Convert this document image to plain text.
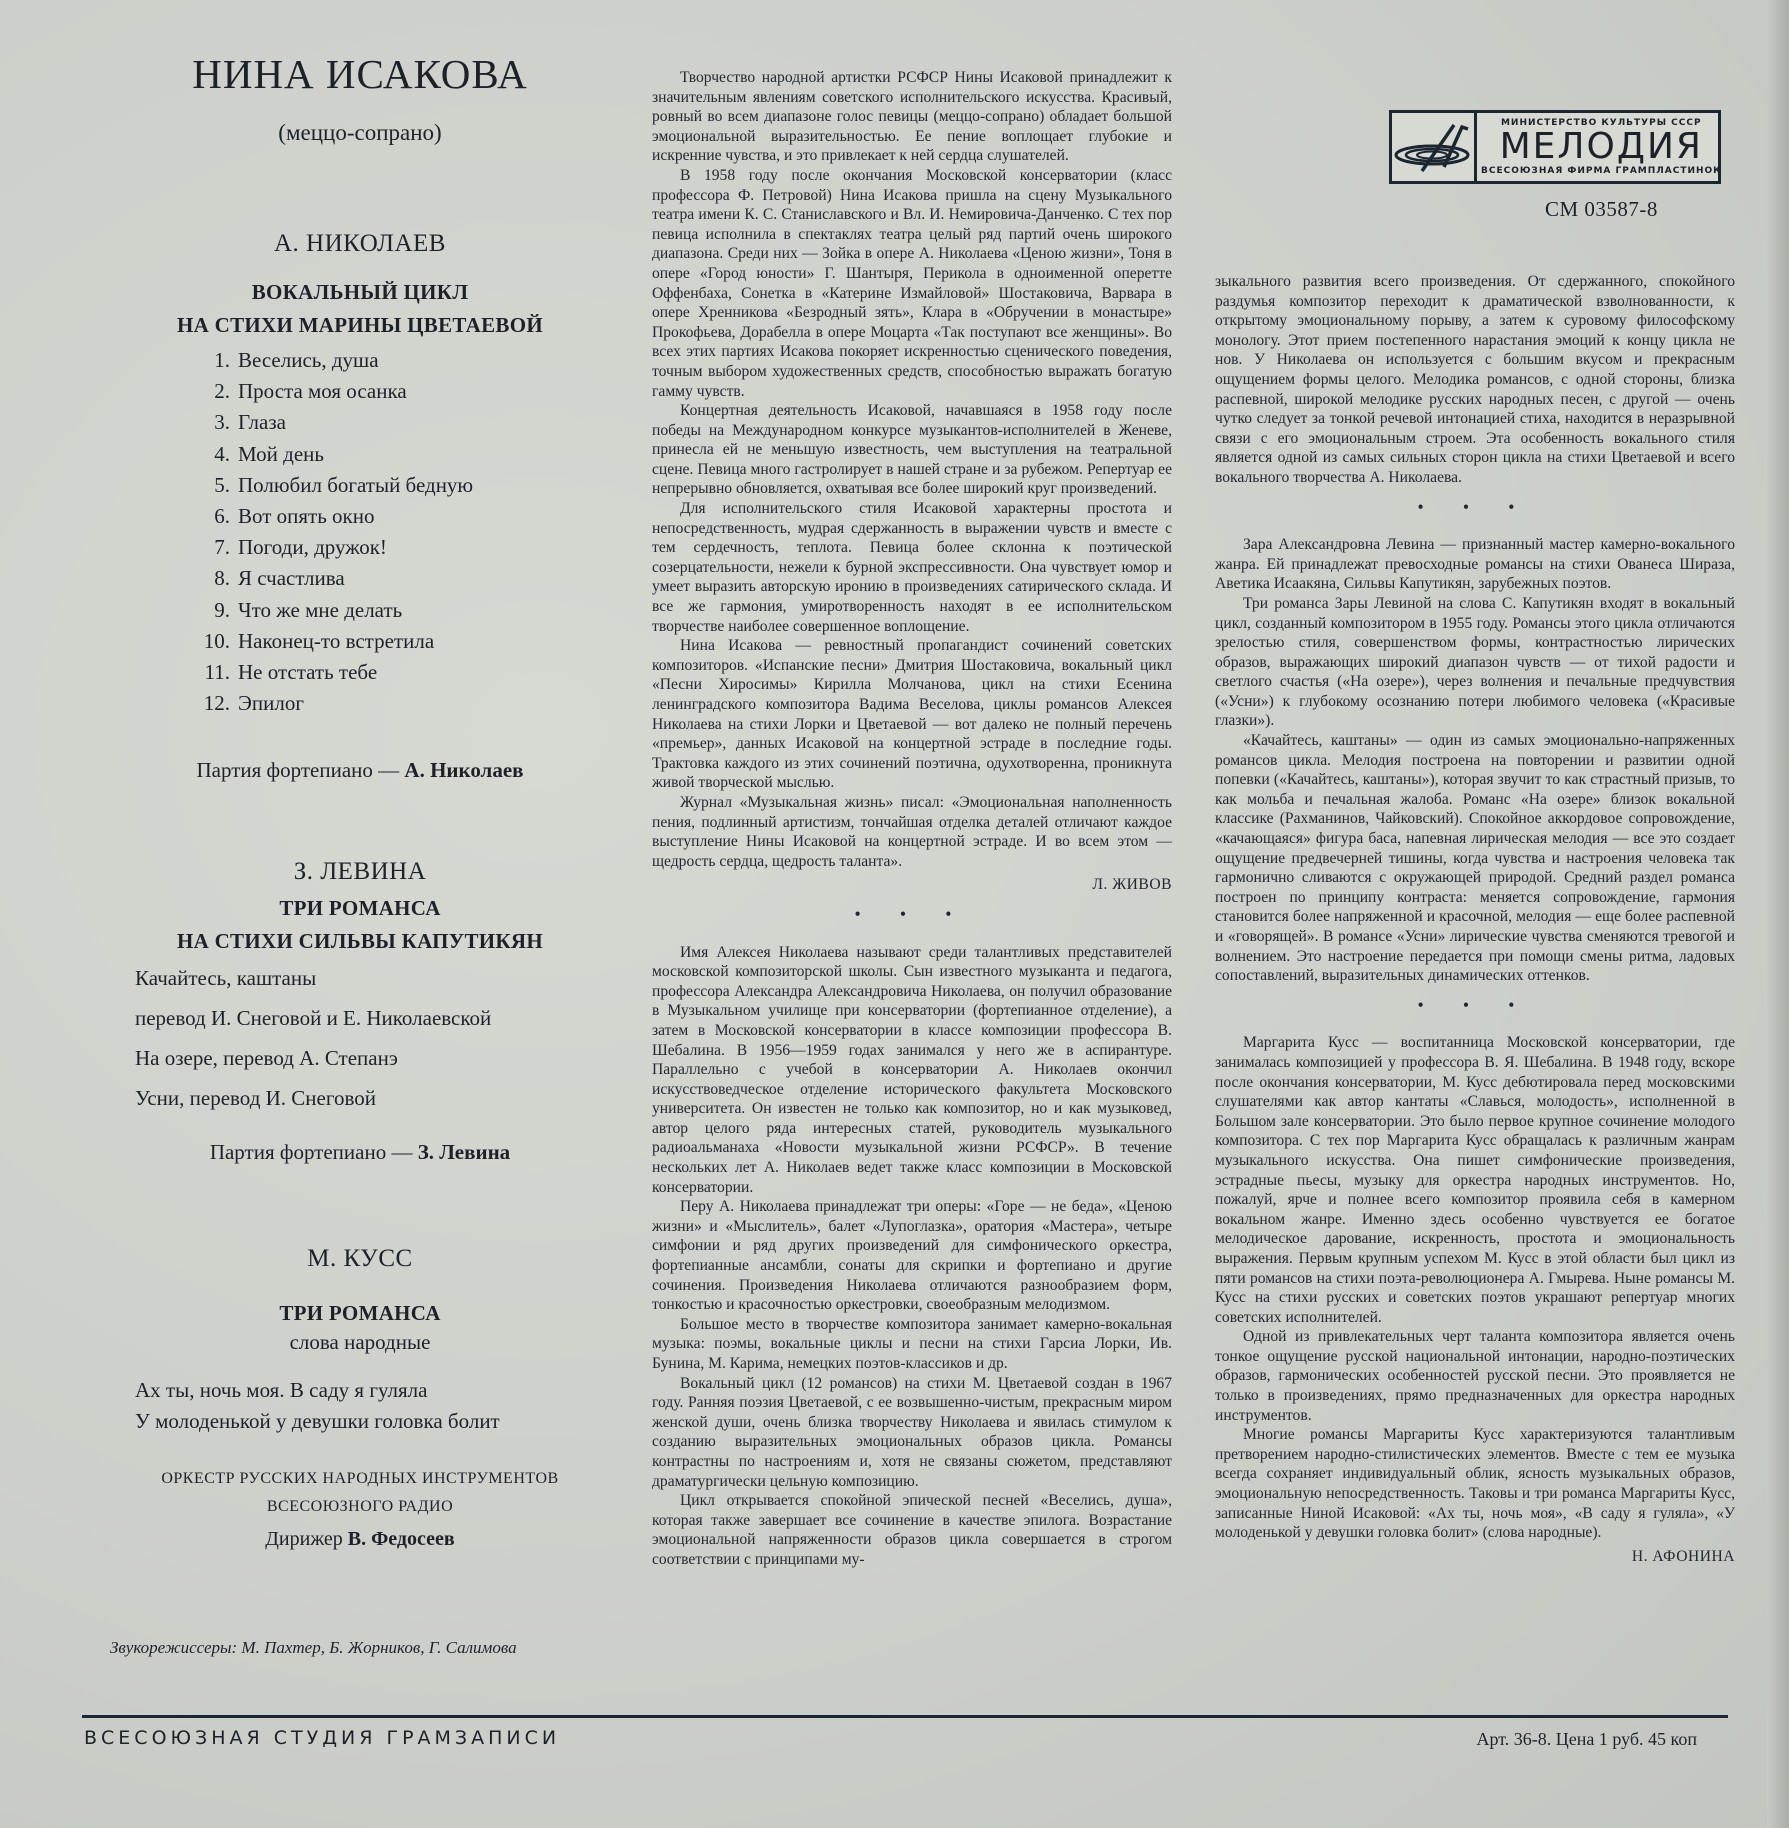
НИНА ИСАКОВА
(меццо-сопрано)
А. НИКОЛАЕВ
ВОКАЛЬНЫЙ ЦИКЛ
НА СТИХИ МАРИНЫ ЦВЕТАЕВОЙ
1. Веселись, душа
2. Проста моя осанка
3. Глаза
4. Мой день
5. Полюбил богатый бедную
6. Вот опять окно
7. Погоди, дружок!
8. Я счастлива
9. Что же мне делать
10. Наконец-то встретила
11. Не отстать тебе
12. Эпилог
Партия фортепиано — А. Николаев
З. ЛЕВИНА
ТРИ РОМАНСА
НА СТИХИ СИЛЬВЫ КАПУТИКЯН
Качайтесь, каштаны
перевод И. Снеговой и Е. Николаевской
На озере, перевод А. Степанэ
Усни, перевод И. Снеговой
Партия фортепиано — З. Левина
М. КУСС
ТРИ РОМАНСА
слова народные
Ах ты, ночь моя. В саду я гуляла
У молоденькой у девушки головка болит
ОРКЕСТР РУССКИХ НАРОДНЫХ ИНСТРУМЕНТОВ
ВСЕСОЮЗНОГО РАДИО
Дирижер В. Федосеев
Звукорежиссеры: М. Пахтер, Б. Жорников, Г. Салимова

Творчество народной артистки РСФСР Нины Исаковой принадлежит к значительным явлениям советского исполнительского искусства. Красивый, ровный во всем диапазоне голос певицы (меццо-сопрано) обладает большой эмоциональной выразительностью. Ее пение воплощает глубокие и искренние чувства, и это привлекает к ней сердца слушателей.

В 1958 году после окончания Московской консерватории (класс профессора Ф. Петровой) Нина Исакова пришла на сцену Музыкального театра имени К. С. Станиславского и Вл. И. Немировича-Данченко. С тех пор певица исполнила в спектаклях театра целый ряд партий очень широкого диапазона. Среди них — Зойка в опере А. Николаева «Ценою жизни», Тоня в опере «Город юности» Г. Шантыря, Перикола в одноименной оперетте Оффенбаха, Сонетка в «Катерине Измайловой» Шостаковича, Варвара в опере Хренникова «Безродный зять», Клара в «Обручении в монастыре» Прокофьева, Дорабелла в опере Моцарта «Так поступают все женщины». Во всех этих партиях Исакова покоряет искренностью сценического поведения, точным выбором художественных средств, способностью выражать богатую гамму чувств.

Концертная деятельность Исаковой, начавшаяся в 1958 году после победы на Международном конкурсе музыкантов-исполнителей в Женеве, принесла ей не меньшую известность, чем выступления на театральной сцене. Певица много гастролирует в нашей стране и за рубежом. Репертуар ее непрерывно обновляется, охватывая все более широкий круг произведений.

Для исполнительского стиля Исаковой характерны простота и непосредственность, мудрая сдержанность в выражении чувств и вместе с тем сердечность, теплота. Певица более склонна к поэтической созерцательности, нежели к бурной экспрессивности. Она чувствует юмор и умеет выразить авторскую иронию в произведениях сатирического склада. И все же гармония, умиротворенность находят в ее исполнительском творчестве наиболее совершенное воплощение.

Нина Исакова — ревностный пропагандист сочинений советских композиторов. «Испанские песни» Дмитрия Шостаковича, вокальный цикл «Песни Хиросимы» Кирилла Молчанова, цикл на стихи Есенина ленинградского композитора Вадима Веселова, циклы романсов Алексея Николаева на стихи Лорки и Цветаевой — вот далеко не полный перечень «премьер», данных Исаковой на концертной эстраде в последние годы. Трактовка каждого из этих сочинений поэтична, одухотворенна, проникнута живой творческой мыслью.

Журнал «Музыкальная жизнь» писал: «Эмоциональная наполненность пения, подлинный артистизм, тончайшая отделка деталей отличают каждое выступление Нины Исаковой на концертной эстраде. И во всем этом — щедрость сердца, щедрость таланта».

Л. ЖИВОВ

• • •

Имя Алексея Николаева называют среди талантливых представителей московской композиторской школы. Сын известного музыканта и педагога, профессора Александра Александровича Николаева, он получил образование в Музыкальном училище при консерватории (фортепианное отделение), а затем в Московской консерватории в классе композиции профессора В. Шебалина. В 1956—1959 годах занимался у него же в аспирантуре. Параллельно с учебой в консерватории А. Николаев окончил искусствоведческое отделение исторического факультета Московского университета. Он известен не только как композитор, но и как музыковед, автор целого ряда интересных статей, руководитель музыкального радиоальманаха «Новости музыкальной жизни РСФСР». В течение нескольких лет А. Николаев ведет также класс композиции в Московской консерватории.

Перу А. Николаева принадлежат три оперы: «Горе — не беда», «Ценою жизни» и «Мыслитель», балет «Лупоглазка», оратория «Мастера», четыре симфонии и ряд других произведений для симфонического оркестра, фортепианные ансамбли, сонаты для скрипки и фортепиано и другие сочинения. Произведения Николаева отличаются разнообразием форм, тонкостью и красочностью оркестровки, своеобразным мелодизмом.

Большое место в творчестве композитора занимает камерно-вокальная музыка: поэмы, вокальные циклы и песни на стихи Гарсиа Лорки, Ив. Бунина, М. Карима, немецких поэтов-классиков и др.

Вокальный цикл (12 романсов) на стихи М. Цветаевой создан в 1967 году. Ранняя поэзия Цветаевой, с ее возвышенно-чистым, прекрасным миром женской души, очень близка творчеству Николаева и явилась стимулом к созданию выразительных эмоциональных образов цикла. Романсы контрастны по настроениям и, хотя не связаны сюжетом, представляют драматургически цельную композицию.

Цикл открывается спокойной эпической песней «Веселись, душа», которая также завершает все сочинение в качестве эпилога. Возрастание эмоциональной напряженности образов цикла совершается в строгом соответствии с принципами му-

МИНИСТЕРСТВО КУЛЬТУРЫ СССР
МЕЛОДИЯ
ВСЕСОЮЗНАЯ ФИРМА ГРАМПЛАСТИНОК
СМ 03587-8

зыкального развития всего произведения. От сдержанного, спокойного раздумья композитор переходит к драматической взволнованности, к открытому эмоциональному порыву, а затем к суровому философскому монологу. Этот прием постепенного нарастания эмоций к концу цикла не нов. У Николаева он используется с большим вкусом и прекрасным ощущением формы целого. Мелодика романсов, с одной стороны, близка распевной, широкой мелодике русских народных песен, с другой — очень чутко следует за тонкой речевой интонацией стиха, находится в неразрывной связи с его эмоциональным строем. Эта особенность вокального стиля является одной из самых сильных сторон цикла на стихи Цветаевой и всего вокального творчества А. Николаева.

• • •

Зара Александровна Левина — признанный мастер камерно-вокального жанра. Ей принадлежат превосходные романсы на стихи Ованеса Шираза, Аветика Исаакяна, Сильвы Капутикян, зарубежных поэтов.

Три романса Зары Левиной на слова С. Капутикян входят в вокальный цикл, созданный композитором в 1955 году. Романсы этого цикла отличаются зрелостью стиля, совершенством формы, контрастностью лирических образов, выражающих широкий диапазон чувств — от тихой радости и светлого счастья («На озере»), через волнения и печальные предчувствия («Усни») к глубокому осознанию потери любимого человека («Красивые глазки»).

«Качайтесь, каштаны» — один из самых эмоционально-напряженных романсов цикла. Мелодия построена на повторении и развитии одной попевки («Качайтесь, каштаны»), которая звучит то как страстный призыв, то как мольба и печальная жалоба. Романс «На озере» близок вокальной классике (Рахманинов, Чайковский). Спокойное аккордовое сопровождение, «качающаяся» фигура баса, напевная лирическая мелодия — все это создает ощущение предвечерней тишины, когда чувства и настроения человека так гармонично сливаются с окружающей природой. Средний раздел романса построен по принципу контраста: меняется сопровождение, гармония становится более напряженной и красочной, мелодия — еще более распевной и «говорящей». В романсе «Усни» лирические чувства сменяются тревогой и волнением. Это настроение передается при помощи смены ритма, ладовых сопоставлений, выразительных динамических оттенков.

• • •

Маргарита Кусс — воспитанница Московской консерватории, где занималась композицией у профессора В. Я. Шебалина. В 1948 году, вскоре после окончания консерватории, М. Кусс дебютировала перед московскими слушателями как автор кантаты «Славься, молодость», исполненной в Большом зале консерватории. Это было первое крупное сочинение молодого композитора. С тех пор Маргарита Кусс обращалась к различным жанрам музыкального искусства. Она пишет симфонические произведения, эстрадные пьесы, музыку для оркестра народных инструментов. Но, пожалуй, ярче и полнее всего композитор проявила себя в камерном вокальном жанре. Именно здесь особенно чувствуется ее богатое мелодическое дарование, искренность, простота и эмоциональность выражения. Первым крупным успехом М. Кусс в этой области был цикл из пяти романсов на стихи поэта-революционера А. Гмырева. Ныне романсы М. Кусс на стихи русских и советских поэтов украшают репертуар многих советских исполнителей.

Одной из привлекательных черт таланта композитора является очень тонкое ощущение русской национальной интонации, народно-поэтических образов, гармонических особенностей русской песни. Это проявляется не только в произведениях, прямо предназначенных для оркестра народных инструментов.

Многие романсы Маргариты Кусс характеризуются талантливым претворением народно-стилистических элементов. Вместе с тем ее музыка всегда сохраняет индивидуальный облик, ясность музыкальных образов, эмоциональную непосредственность. Таковы и три романса Маргариты Кусс, записанные Ниной Исаковой: «Ах ты, ночь моя», «В саду я гуляла», «У молоденькой у девушки головка болит» (слова народные).

Н. АФОНИНА

ВСЕСОЮЗНАЯ СТУДИЯ ГРАМЗАПИСИ	Арт. 36-8. Цена 1 руб. 45 коп
